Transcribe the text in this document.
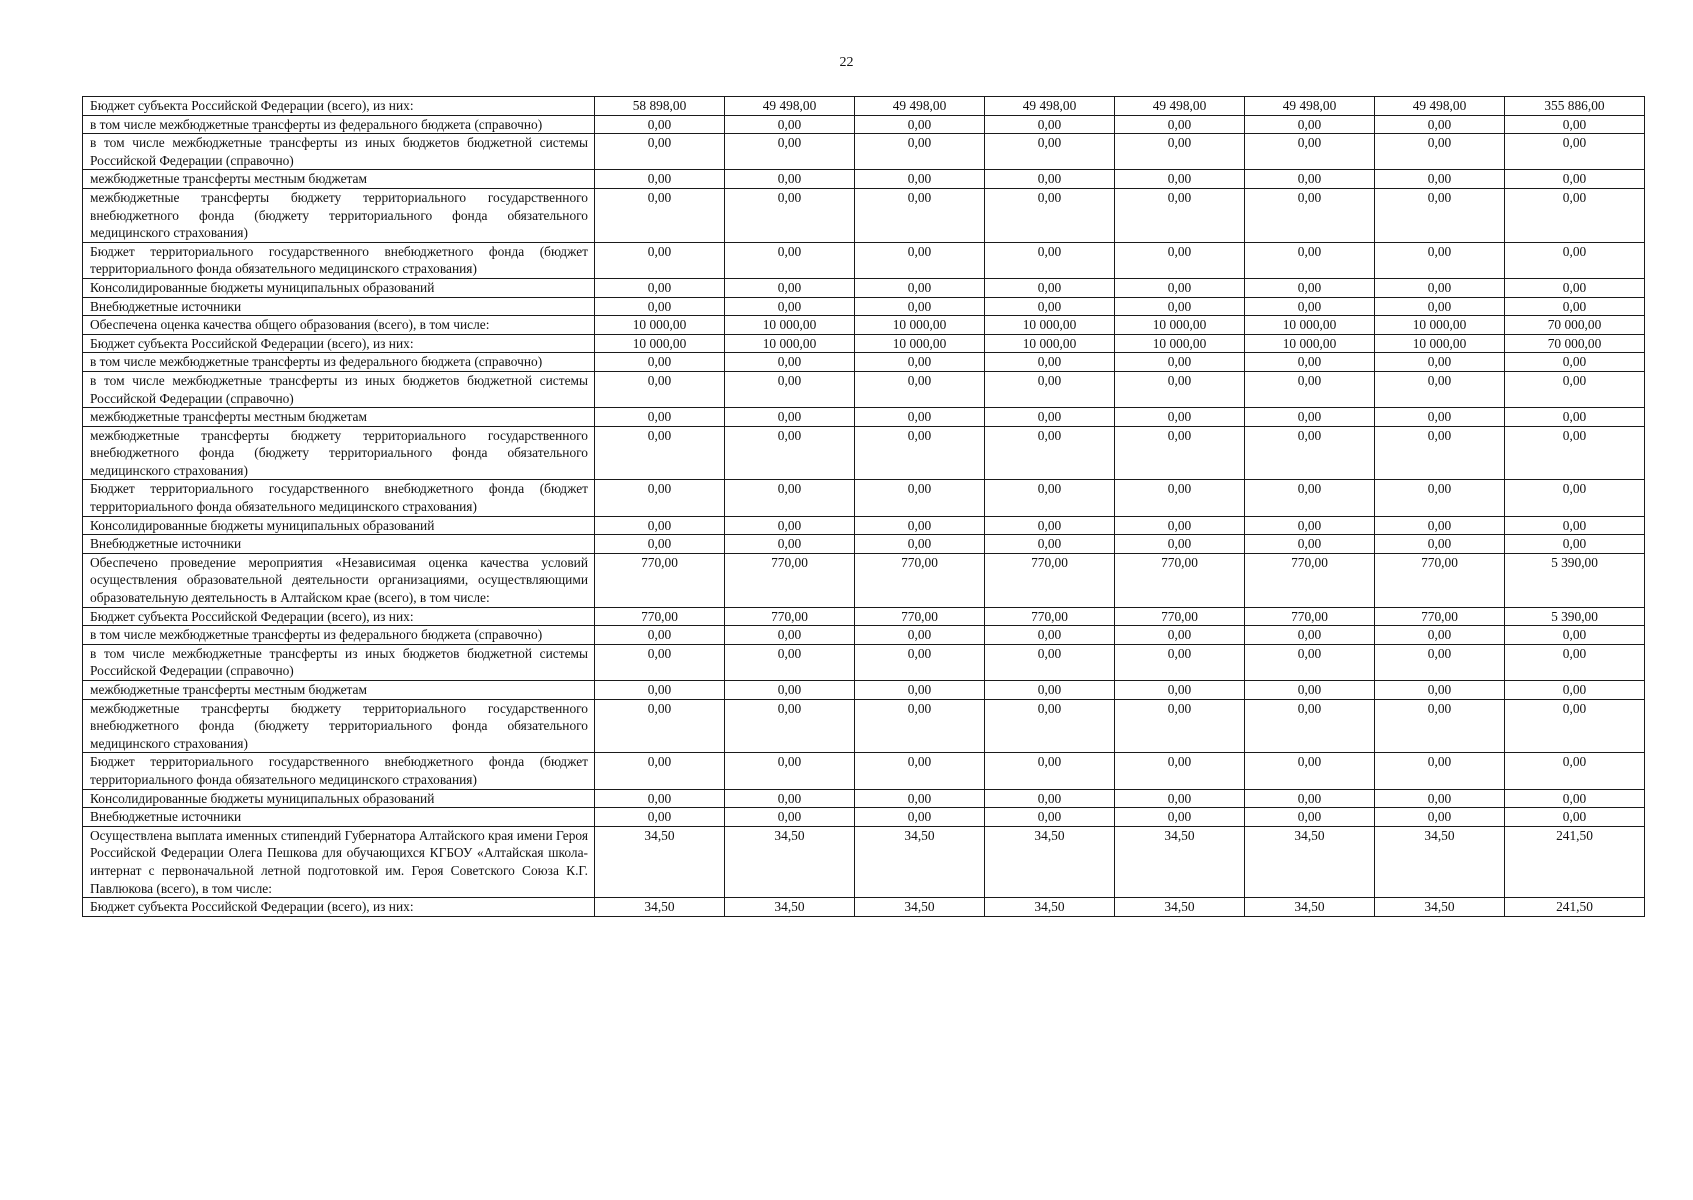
22
Бюджет субъекта Российской Федерации (всего), из них:	58 898,00	49 498,00	49 498,00	49 498,00	49 498,00	49 498,00	49 498,00	355 886,00
в том числе межбюджетные трансферты из федерального бюджета (справочно)	0,00	0,00	0,00	0,00	0,00	0,00	0,00	0,00
в том числе межбюджетные трансферты из иных бюджетов бюджетной системы Российской Федерации (справочно)	0,00	0,00	0,00	0,00	0,00	0,00	0,00	0,00
межбюджетные трансферты местным бюджетам	0,00	0,00	0,00	0,00	0,00	0,00	0,00	0,00
межбюджетные трансферты бюджету территориального государственного внебюджетного фонда (бюджету территориального фонда обязательного медицинского страхования)	0,00	0,00	0,00	0,00	0,00	0,00	0,00	0,00
Бюджет территориального государственного внебюджетного фонда (бюджет территориального фонда обязательного медицинского страхования)	0,00	0,00	0,00	0,00	0,00	0,00	0,00	0,00
Консолидированные бюджеты муниципальных образований	0,00	0,00	0,00	0,00	0,00	0,00	0,00	0,00
Внебюджетные источники	0,00	0,00	0,00	0,00	0,00	0,00	0,00	0,00
Обеспечена оценка качества общего образования (всего), в том числе:	10 000,00	10 000,00	10 000,00	10 000,00	10 000,00	10 000,00	10 000,00	70 000,00
Бюджет субъекта Российской Федерации (всего), из них:	10 000,00	10 000,00	10 000,00	10 000,00	10 000,00	10 000,00	10 000,00	70 000,00
в том числе межбюджетные трансферты из федерального бюджета (справочно)	0,00	0,00	0,00	0,00	0,00	0,00	0,00	0,00
в том числе межбюджетные трансферты из иных бюджетов бюджетной системы Российской Федерации (справочно)	0,00	0,00	0,00	0,00	0,00	0,00	0,00	0,00
межбюджетные трансферты местным бюджетам	0,00	0,00	0,00	0,00	0,00	0,00	0,00	0,00
межбюджетные трансферты бюджету территориального государственного внебюджетного фонда (бюджету территориального фонда обязательного медицинского страхования)	0,00	0,00	0,00	0,00	0,00	0,00	0,00	0,00
Бюджет территориального государственного внебюджетного фонда (бюджет территориального фонда обязательного медицинского страхования)	0,00	0,00	0,00	0,00	0,00	0,00	0,00	0,00
Консолидированные бюджеты муниципальных образований	0,00	0,00	0,00	0,00	0,00	0,00	0,00	0,00
Внебюджетные источники	0,00	0,00	0,00	0,00	0,00	0,00	0,00	0,00
Обеспечено проведение мероприятия «Независимая оценка качества условий осуществления образовательной деятельности организациями, осуществляющими образовательную деятельность в Алтайском крае (всего), в том числе:	770,00	770,00	770,00	770,00	770,00	770,00	770,00	5 390,00
Бюджет субъекта Российской Федерации (всего), из них:	770,00	770,00	770,00	770,00	770,00	770,00	770,00	5 390,00
в том числе межбюджетные трансферты из федерального бюджета (справочно)	0,00	0,00	0,00	0,00	0,00	0,00	0,00	0,00
в том числе межбюджетные трансферты из иных бюджетов бюджетной системы Российской Федерации (справочно)	0,00	0,00	0,00	0,00	0,00	0,00	0,00	0,00
межбюджетные трансферты местным бюджетам	0,00	0,00	0,00	0,00	0,00	0,00	0,00	0,00
межбюджетные трансферты бюджету территориального государственного внебюджетного фонда (бюджету территориального фонда обязательного медицинского страхования)	0,00	0,00	0,00	0,00	0,00	0,00	0,00	0,00
Бюджет территориального государственного внебюджетного фонда (бюджет территориального фонда обязательного медицинского страхования)	0,00	0,00	0,00	0,00	0,00	0,00	0,00	0,00
Консолидированные бюджеты муниципальных образований	0,00	0,00	0,00	0,00	0,00	0,00	0,00	0,00
Внебюджетные источники	0,00	0,00	0,00	0,00	0,00	0,00	0,00	0,00
Осуществлена выплата именных стипендий Губернатора Алтайского края имени Героя Российской Федерации Олега Пешкова для обучающихся КГБОУ «Алтайская школа-интернат с первоначальной летной подготовкой им. Героя Советского Союза К.Г. Павлюкова (всего), в том числе:	34,50	34,50	34,50	34,50	34,50	34,50	34,50	241,50
Бюджет субъекта Российской Федерации (всего), из них:	34,50	34,50	34,50	34,50	34,50	34,50	34,50	241,50
